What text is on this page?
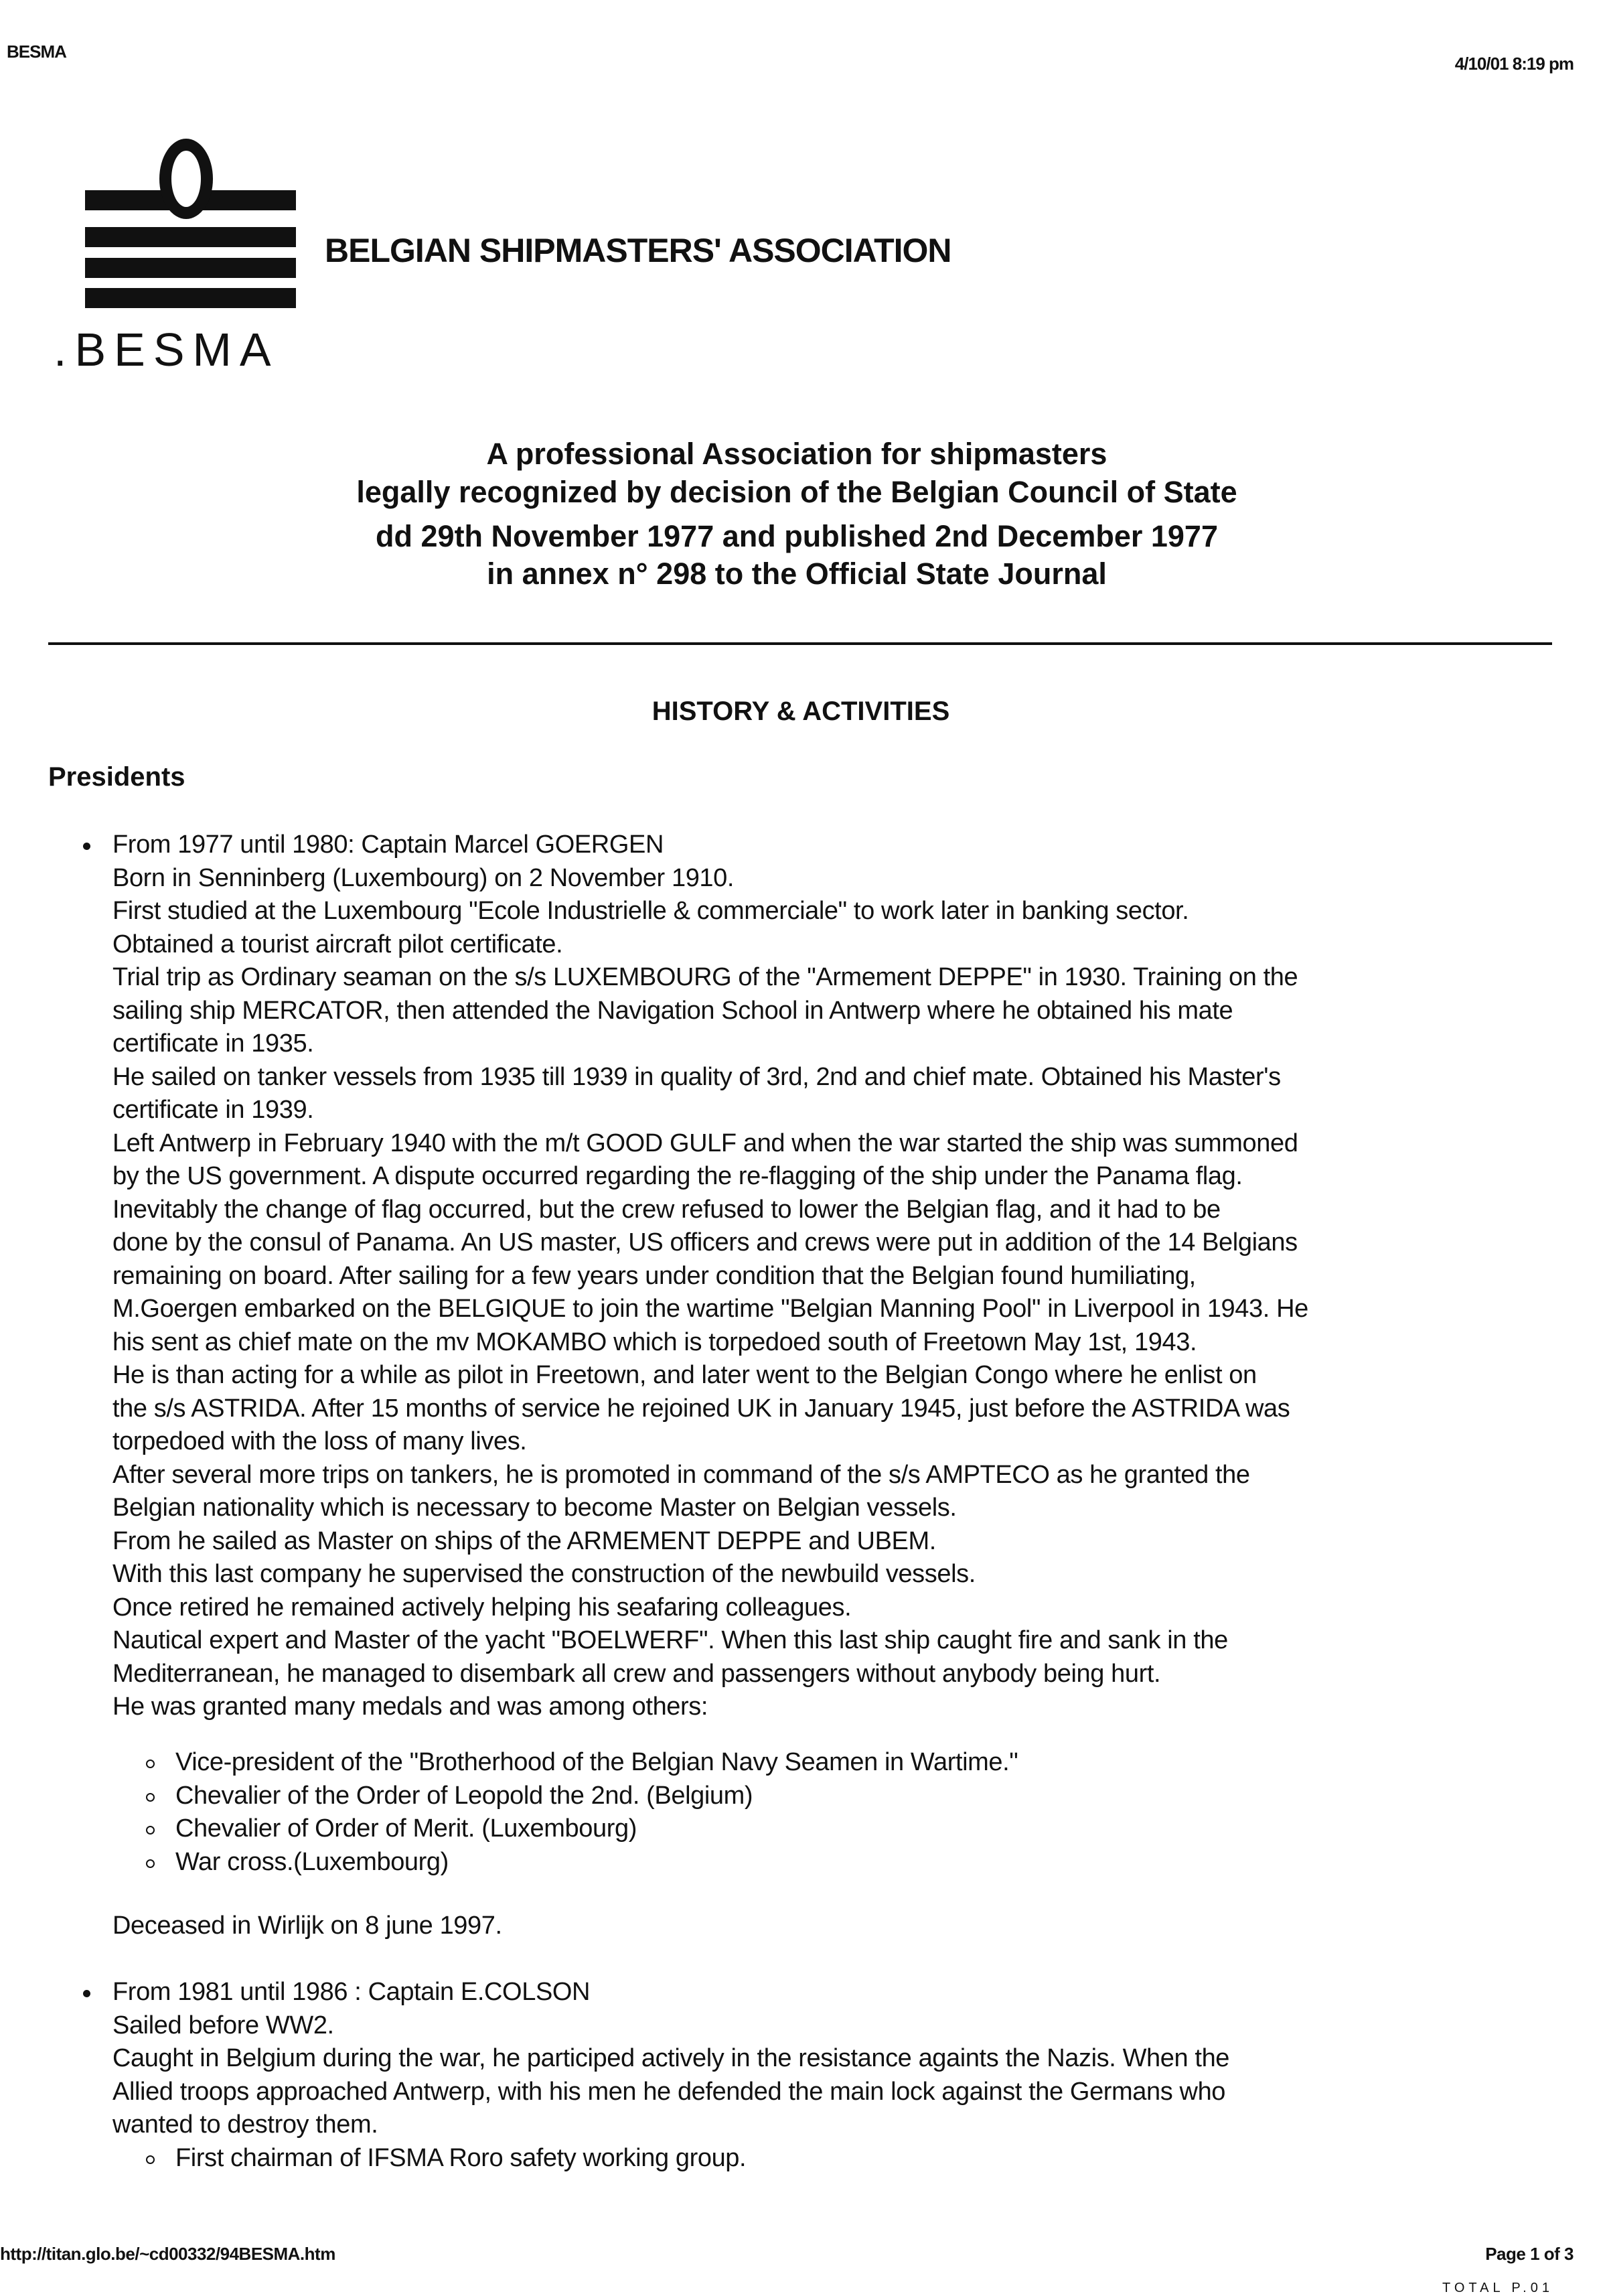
BESMA
4/10/01 8:19 pm
.BESMA
BELGIAN SHIPMASTERS' ASSOCIATION
A professional Association for shipmasters
legally recognized by decision of the Belgian Council of State
dd 29th November 1977 and published 2nd December 1977
in annex n° 298 to the Official State Journal
HISTORY & ACTIVITIES
Presidents
From 1977 until 1980: Captain Marcel GOERGEN
Born in Senninberg (Luxembourg) on 2 November 1910.
First studied at the Luxembourg "Ecole Industrielle & commerciale" to work later in banking sector.
Obtained a tourist aircraft pilot certificate.
Trial trip as Ordinary seaman on the s/s LUXEMBOURG of the "Armement DEPPE" in 1930. Training on the
sailing ship MERCATOR, then attended the Navigation School in Antwerp where he obtained his mate
certificate in 1935.
He sailed on tanker vessels from 1935 till 1939 in quality of 3rd, 2nd and chief mate. Obtained his Master's
certificate in 1939.
Left Antwerp in February 1940 with the m/t GOOD GULF and when the war started the ship was summoned
by the US government. A dispute occurred regarding the re-flagging of the ship under the Panama flag.
Inevitably the change of flag occurred, but the crew refused to lower the Belgian flag, and it had to be
done by the consul of Panama. An US master, US officers and crews were put in addition of the 14 Belgians
remaining on board. After sailing for a few years under condition that the Belgian found humiliating,
M.Goergen embarked on the BELGIQUE to join the wartime "Belgian Manning Pool" in Liverpool in 1943. He
his sent as chief mate on the mv MOKAMBO which is torpedoed south of Freetown May 1st, 1943.
He is than acting for a while as pilot in Freetown, and later went to the Belgian Congo where he enlist on
the s/s ASTRIDA. After 15 months of service he rejoined UK in January 1945, just before the ASTRIDA was
torpedoed with the loss of many lives.
After several more trips on tankers, he is promoted in command of the s/s AMPTECO as he granted the
Belgian nationality which is necessary to become Master on Belgian vessels.
From he sailed as Master on ships of the ARMEMENT DEPPE and UBEM.
With this last company he supervised the construction of the newbuild vessels.
Once retired he remained actively helping his seafaring colleagues.
Nautical expert and Master of the yacht "BOELWERF". When this last ship caught fire and sank in the
Mediterranean, he managed to disembark all crew and passengers without anybody being hurt.
He was granted many medals and was among others:
Vice-president of the "Brotherhood of the Belgian Navy Seamen in Wartime."
Chevalier of the Order of Leopold the 2nd. (Belgium)
Chevalier of Order of Merit. (Luxembourg)
War cross.(Luxembourg)
Deceased in Wirlijk on 8 june 1997.
From 1981 until 1986 : Captain E.COLSON
Sailed before WW2.
Caught in Belgium during the war, he participed actively in the resistance againts the Nazis. When the
Allied troops approached Antwerp, with his men he defended the main lock against the Germans who
wanted to destroy them.
First chairman of IFSMA Roro safety working group.
http://titan.glo.be/~cd00332/94BESMA.htm	Page 1 of 3
TOTAL P.01
